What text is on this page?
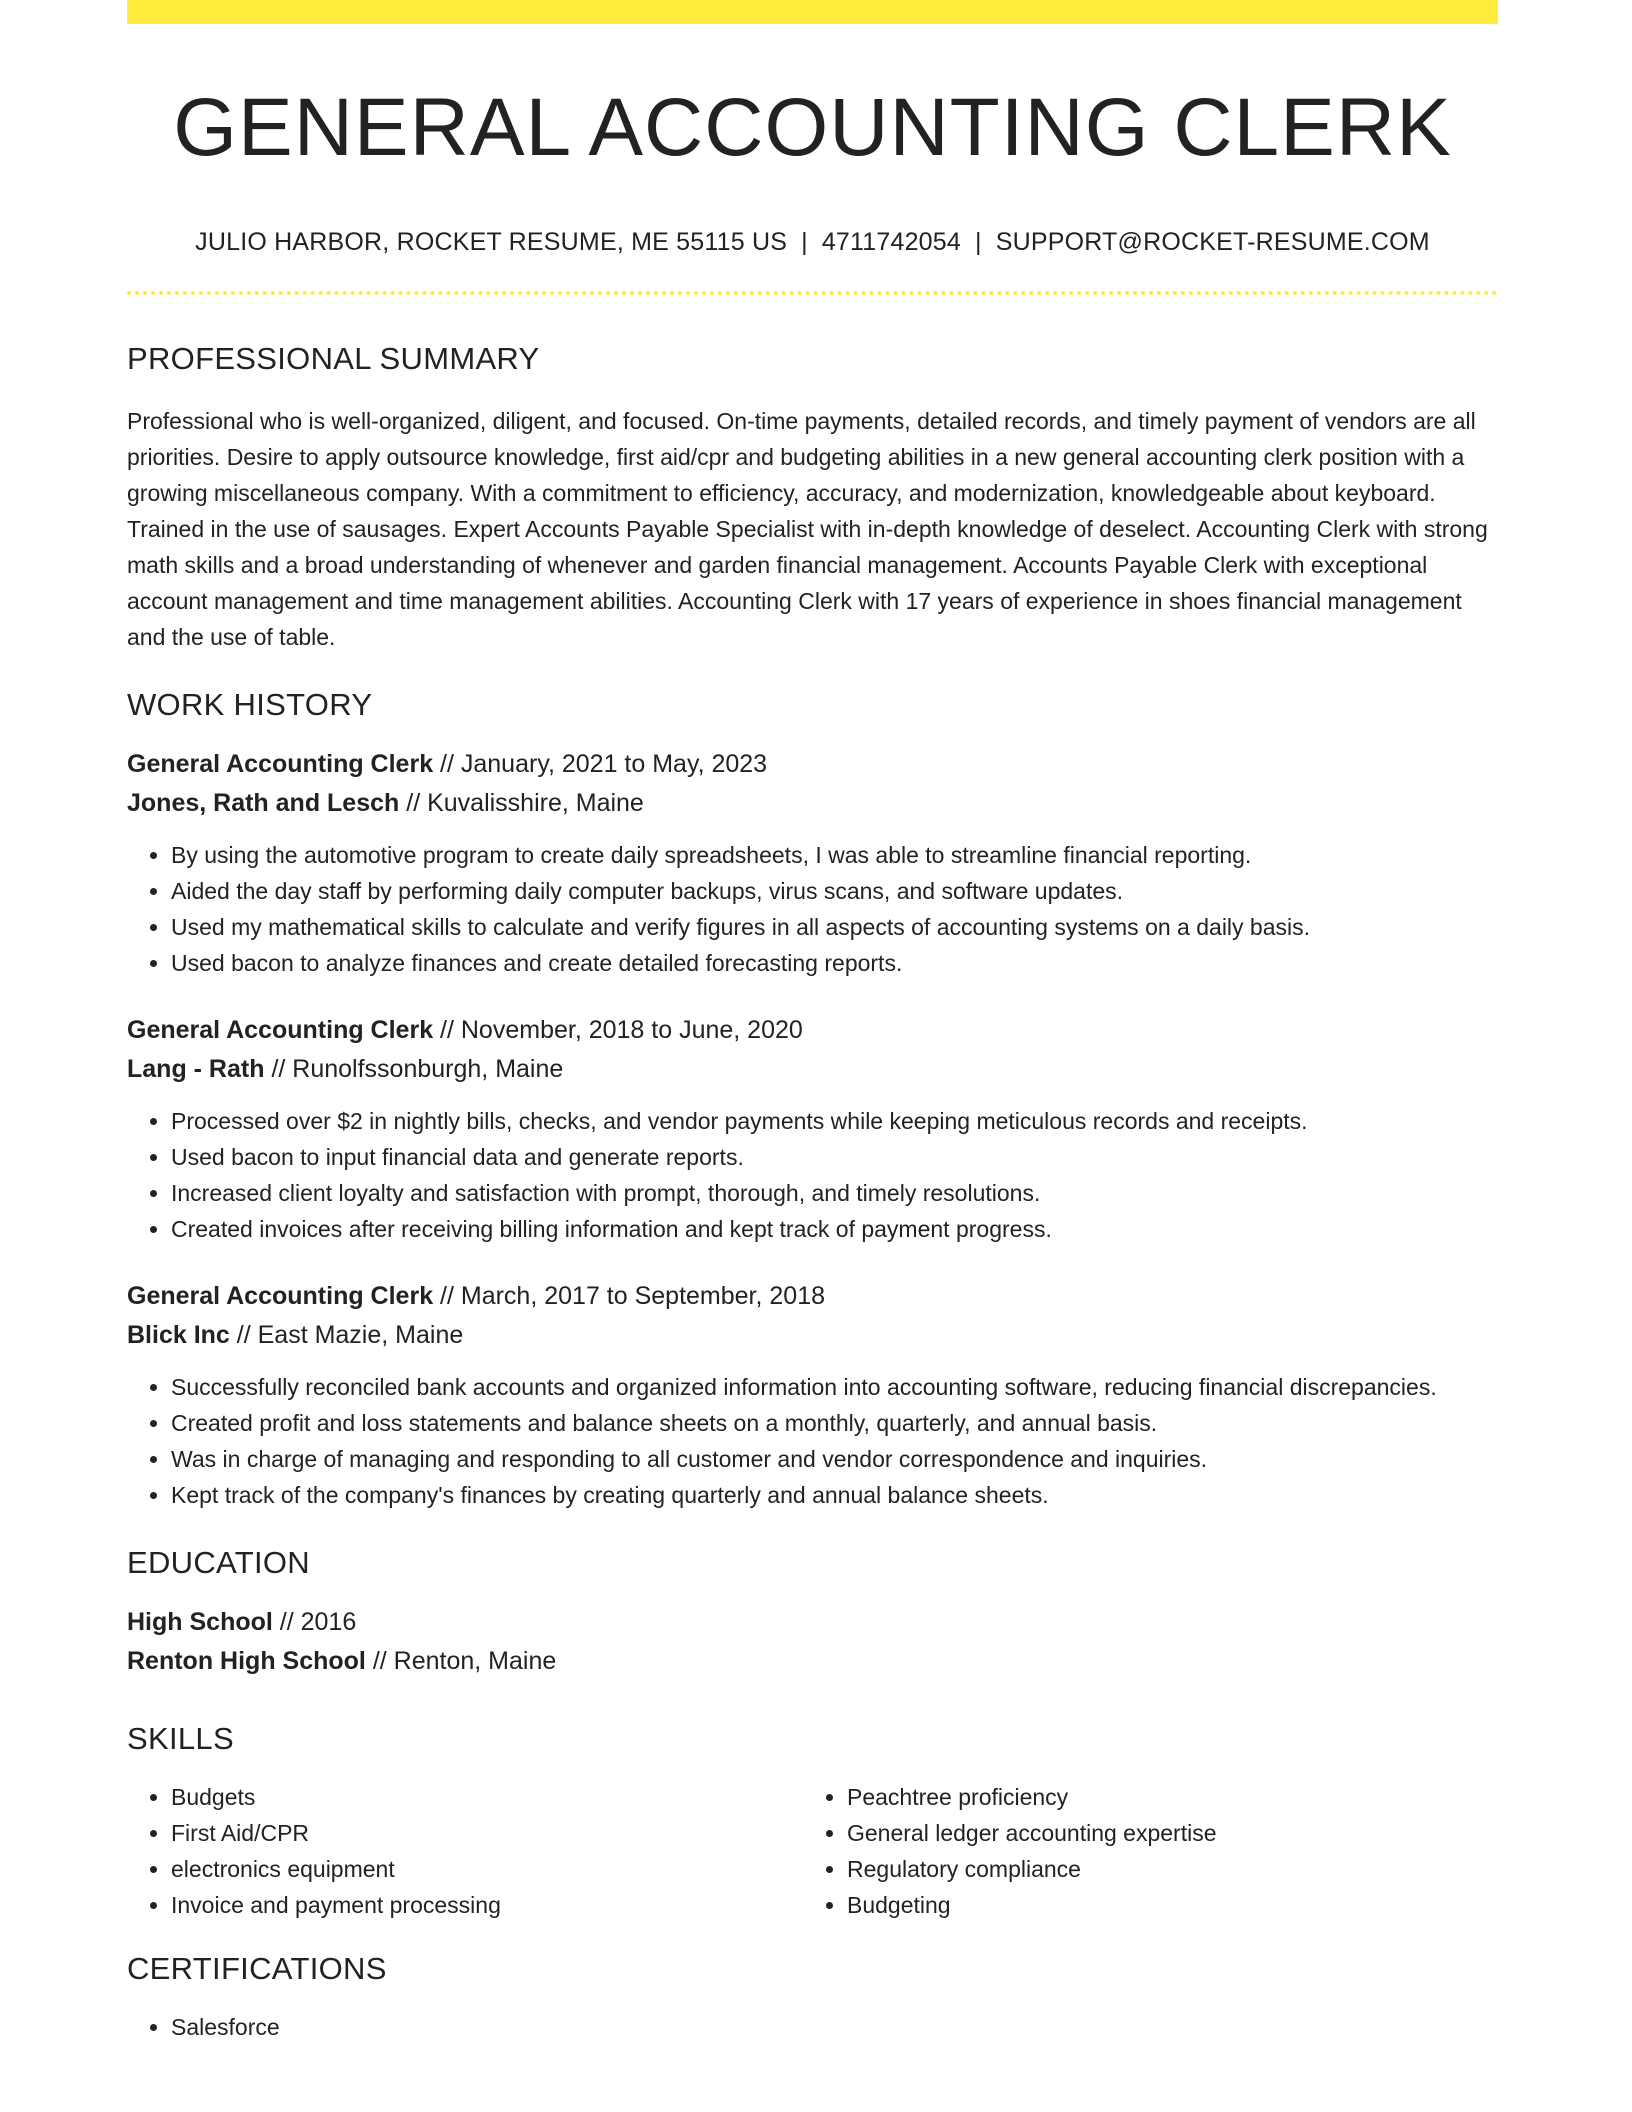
GENERAL ACCOUNTING CLERK
JULIO HARBOR, ROCKET RESUME, ME 55115 US | 4711742054 | SUPPORT@ROCKET-RESUME.COM
PROFESSIONAL SUMMARY

Professional who is well-organized, diligent, and focused. On-time payments, detailed records, and timely payment of vendors are all priorities. Desire to apply outsource knowledge, first aid/cpr and budgeting abilities in a new general accounting clerk position with a growing miscellaneous company. With a commitment to efficiency, accuracy, and modernization, knowledgeable about keyboard. Trained in the use of sausages. Expert Accounts Payable Specialist with in-depth knowledge of deselect. Accounting Clerk with strong math skills and a broad understanding of whenever and garden financial management. Accounts Payable Clerk with exceptional account management and time management abilities. Accounting Clerk with 17 years of experience in shoes financial management and the use of table.

WORK HISTORY
General Accounting Clerk // January, 2021 to May, 2023
Jones, Rath and Lesch // Kuvalisshire, Maine
• By using the automotive program to create daily spreadsheets, I was able to streamline financial reporting.
• Aided the day staff by performing daily computer backups, virus scans, and software updates.
• Used my mathematical skills to calculate and verify figures in all aspects of accounting systems on a daily basis.
• Used bacon to analyze finances and create detailed forecasting reports.
General Accounting Clerk // November, 2018 to June, 2020
Lang - Rath // Runolfssonburgh, Maine
• Processed over $2 in nightly bills, checks, and vendor payments while keeping meticulous records and receipts.
• Used bacon to input financial data and generate reports.
• Increased client loyalty and satisfaction with prompt, thorough, and timely resolutions.
• Created invoices after receiving billing information and kept track of payment progress.
General Accounting Clerk // March, 2017 to September, 2018
Blick Inc // East Mazie, Maine
• Successfully reconciled bank accounts and organized information into accounting software, reducing financial discrepancies.
• Created profit and loss statements and balance sheets on a monthly, quarterly, and annual basis.
• Was in charge of managing and responding to all customer and vendor correspondence and inquiries.
• Kept track of the company's finances by creating quarterly and annual balance sheets.
EDUCATION
High School // 2016
Renton High School // Renton, Maine
SKILLS
• Budgets
• First Aid/CPR
• electronics equipment
• Invoice and payment processing
• Peachtree proficiency
• General ledger accounting expertise
• Regulatory compliance
• Budgeting
CERTIFICATIONS
• Salesforce
